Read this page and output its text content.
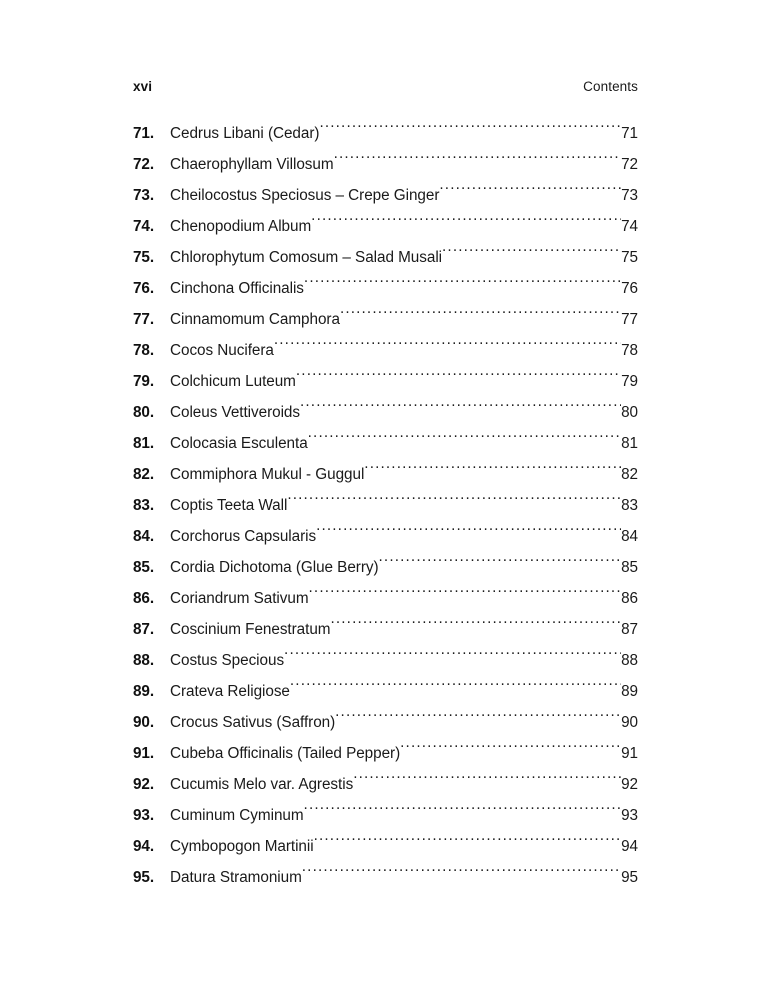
xvi	Contents
71.	Cedrus Libani (Cedar) .....	71
72.	Chaerophyllam Villosum .....	72
73.	Cheilocostus Speciosus – Crepe Ginger .....	73
74.	Chenopodium Album .....	74
75.	Chlorophytum Comosum – Salad Musali .....	75
76.	Cinchona Officinalis .....	76
77.	Cinnamomum Camphora .....	77
78.	Cocos Nucifera .....	78
79.	Colchicum Luteum .....	79
80.	Coleus Vettiveroids .....	80
81.	Colocasia Esculenta .....	81
82.	Commiphora Mukul - Guggul .....	82
83.	Coptis Teeta Wall .....	83
84.	Corchorus Capsularis .....	84
85.	Cordia Dichotoma (Glue Berry) .....	85
86.	Coriandrum Sativum .....	86
87.	Coscinium Fenestratum .....	87
88.	Costus Specious .....	88
89.	Crateva Religiose .....	89
90.	Crocus Sativus (Saffron) .....	90
91.	Cubeba Officinalis (Tailed Pepper) .....	91
92.	Cucumis Melo var. Agrestis .....	92
93.	Cuminum Cyminum .....	93
94.	Cymbopogon Martinii .....	94
95.	Datura Stramonium .....	95
